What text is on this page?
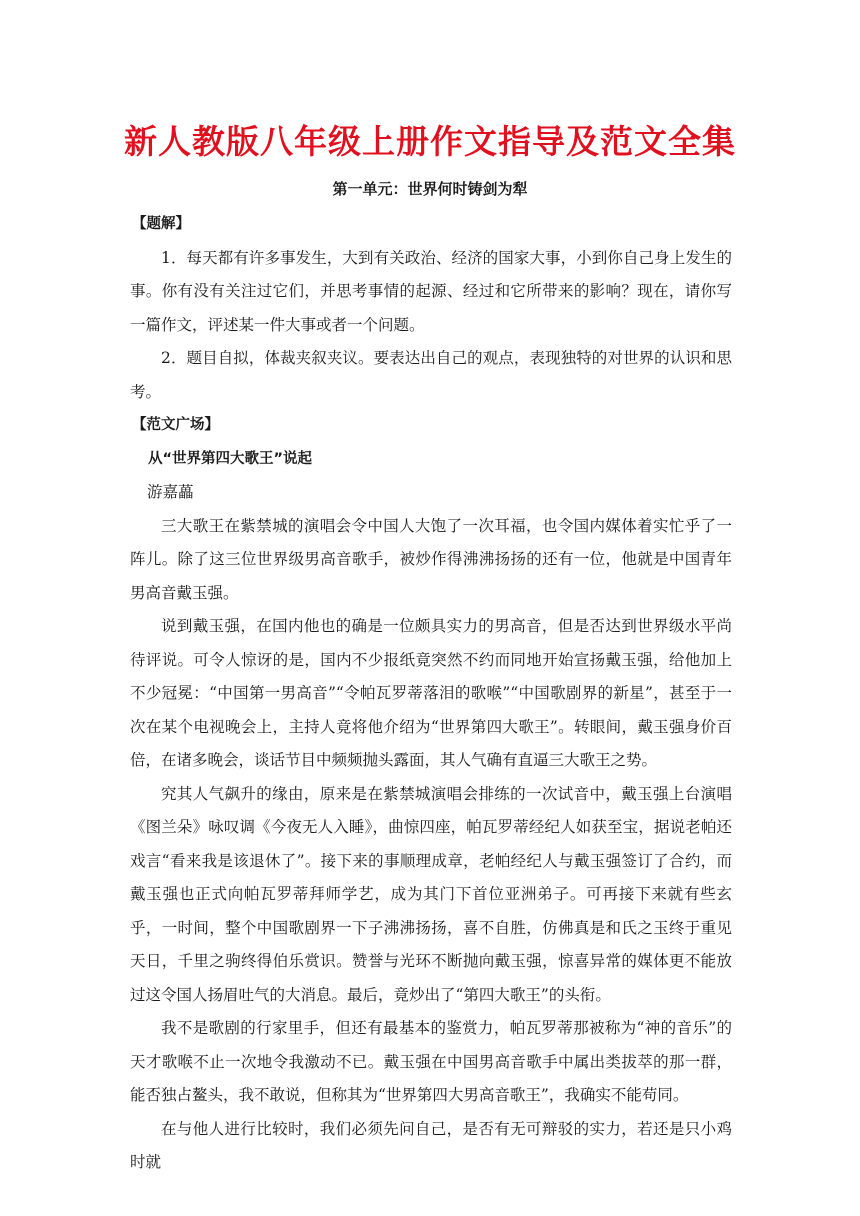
新人教版八年级上册作文指导及范文全集
第一单元：世界何时铸剑为犁

【题解】

1．每天都有许多事发生，大到有关政治、经济的国家大事，小到你自己身上发生的事。你有没有关注过它们，并思考事情的起源、经过和它所带来的影响？现在，请你写一篇作文，评述某一件大事或者一个问题。

2．题目自拟，体裁夹叙夹议。要表达出自己的观点，表现独特的对世界的认识和思考。

【范文广场】

从“世界第四大歌王”说起

游嘉藟

三大歌王在紫禁城的演唱会令中国人大饱了一次耳福，也令国内媒体着实忙乎了一阵儿。除了这三位世界级男高音歌手，被炒作得沸沸扬扬的还有一位，他就是中国青年男高音戴玉强。

说到戴玉强，在国内他也的确是一位颇具实力的男高音，但是否达到世界级水平尚待评说。可令人惊讶的是，国内不少报纸竟突然不约而同地开始宣扬戴玉强，给他加上不少冠冕：“中国第一男高音”“令帕瓦罗蒂落泪的歌喉”“中国歌剧界的新星”，甚至于一次在某个电视晚会上，主持人竟将他介绍为“世界第四大歌王”。转眼间，戴玉强身价百倍，在诸多晚会，谈话节目中频频抛头露面，其人气确有直逼三大歌王之势。

究其人气飙升的缘由，原来是在紫禁城演唱会排练的一次试音中，戴玉强上台演唱《图兰朵》咏叹调《今夜无人入睡》，曲惊四座，帕瓦罗蒂经纪人如获至宝，据说老帕还戏言“看来我是该退休了”。接下来的事顺理成章，老帕经纪人与戴玉强签订了合约，而戴玉强也正式向帕瓦罗蒂拜师学艺，成为其门下首位亚洲弟子。可再接下来就有些玄乎，一时间，整个中国歌剧界一下子沸沸扬扬，喜不自胜，仿佛真是和氏之玉终于重见天日，千里之驹终得伯乐赏识。赞誉与光环不断抛向戴玉强，惊喜异常的媒体更不能放过这令国人扬眉吐气的大消息。最后，竟炒出了“第四大歌王”的头衔。

我不是歌剧的行家里手，但还有最基本的鉴赏力，帕瓦罗蒂那被称为“神的音乐”的天才歌喉不止一次地令我激动不已。戴玉强在中国男高音歌手中属出类拔萃的那一群，能否独占鳌头，我不敢说，但称其为“世界第四大男高音歌王”，我确实不能苟同。

在与他人进行比较时，我们必须先问自己，是否有无可辩驳的实力，若还是只小鸡时就
